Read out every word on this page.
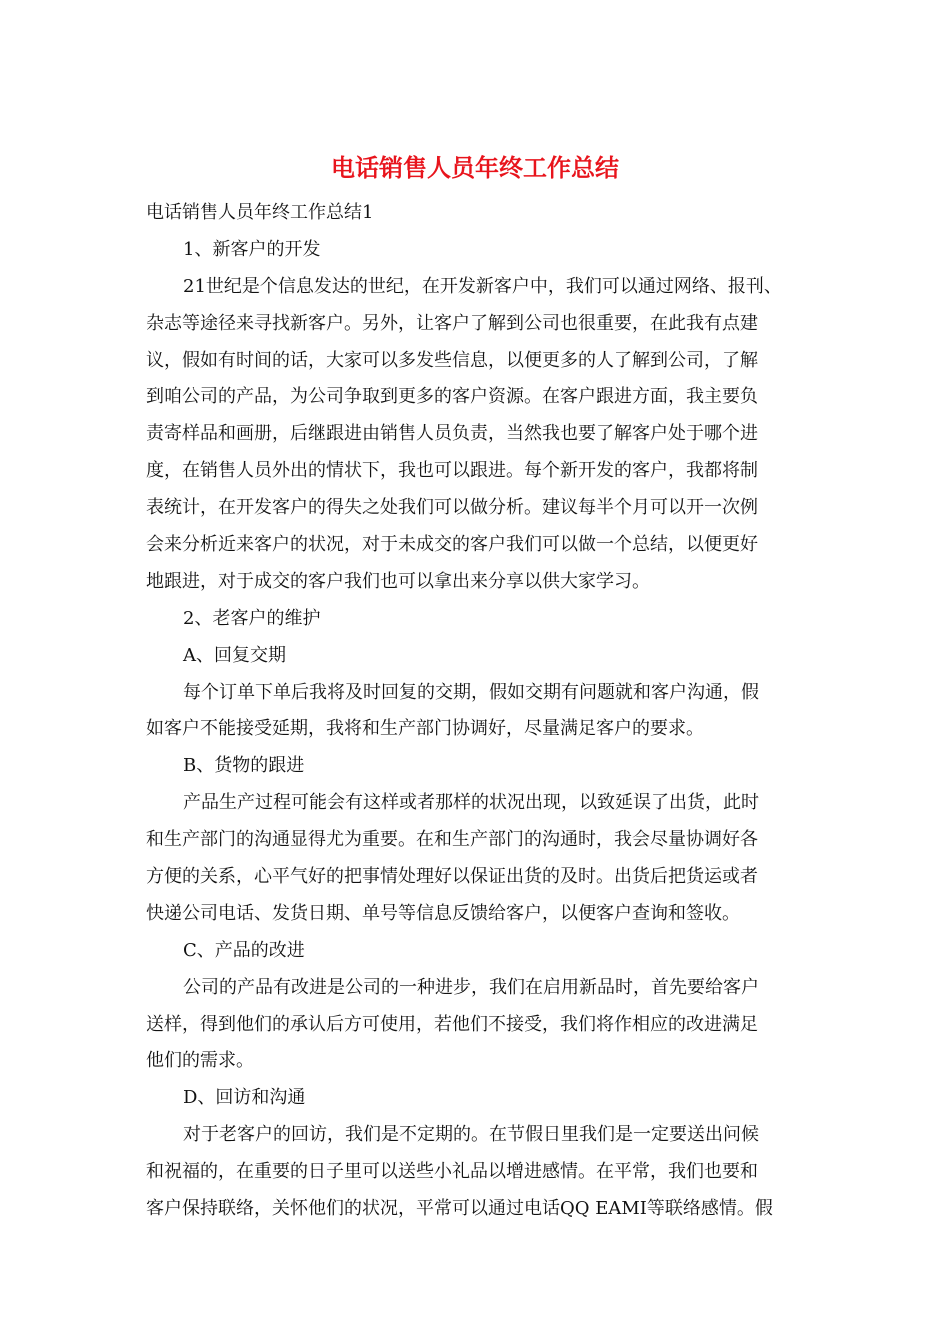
电话销售人员年终工作总结
电话销售人员年终工作总结1
1、新客户的开发
21世纪是个信息发达的世纪，在开发新客户中，我们可以通过网络、报刊、
杂志等途径来寻找新客户。另外，让客户了解到公司也很重要，在此我有点建
议，假如有时间的话，大家可以多发些信息，以便更多的人了解到公司，了解
到咱公司的产品，为公司争取到更多的客户资源。在客户跟进方面，我主要负
责寄样品和画册，后继跟进由销售人员负责，当然我也要了解客户处于哪个进
度，在销售人员外出的情状下，我也可以跟进。每个新开发的客户，我都将制
表统计，在开发客户的得失之处我们可以做分析。建议每半个月可以开一次例
会来分析近来客户的状况，对于未成交的客户我们可以做一个总结，以便更好
地跟进，对于成交的客户我们也可以拿出来分享以供大家学习。
2、老客户的维护
A、回复交期
每个订单下单后我将及时回复的交期，假如交期有问题就和客户沟通，假
如客户不能接受延期，我将和生产部门协调好，尽量满足客户的要求。
B、货物的跟进
产品生产过程可能会有这样或者那样的状况出现，以致延误了出货，此时
和生产部门的沟通显得尤为重要。在和生产部门的沟通时，我会尽量协调好各
方便的关系，心平气好的把事情处理好以保证出货的及时。出货后把货运或者
快递公司电话、发货日期、单号等信息反馈给客户，以便客户查询和签收。
C、产品的改进
公司的产品有改进是公司的一种进步，我们在启用新品时，首先要给客户
送样，得到他们的承认后方可使用，若他们不接受，我们将作相应的改进满足
他们的需求。
D、回访和沟通
对于老客户的回访，我们是不定期的。在节假日里我们是一定要送出问候
和祝福的，在重要的日子里可以送些小礼品以增进感情。在平常，我们也要和
客户保持联络，关怀他们的状况，平常可以通过电话QQ EAMI等联络感情。假
